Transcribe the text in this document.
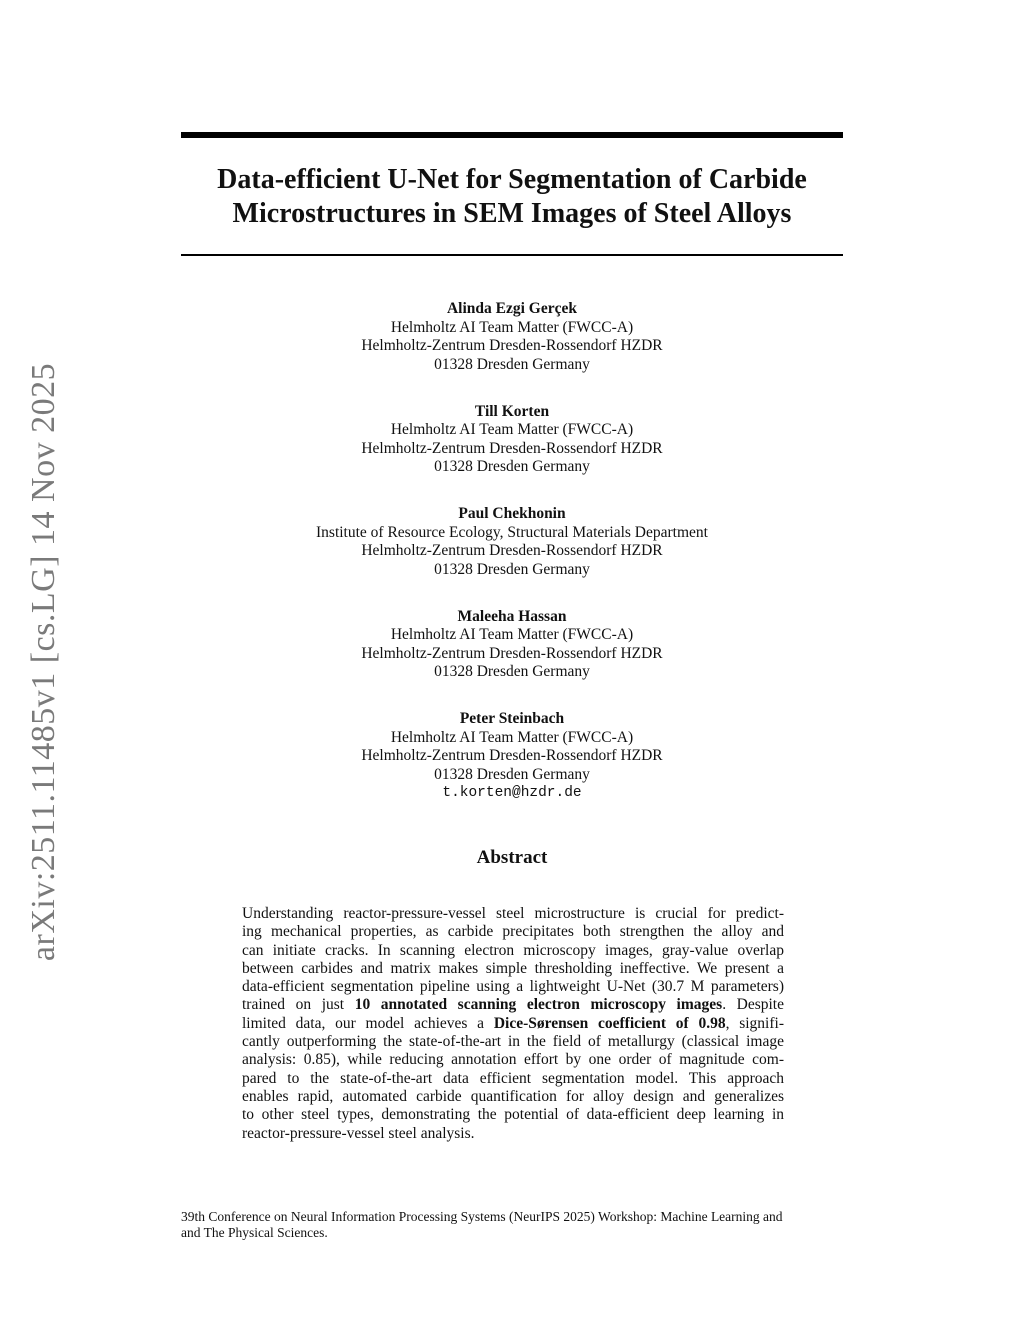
arXiv:2511.11485v1 [cs.LG] 14 Nov 2025
Data-efficient U-Net for Segmentation of Carbide
Microstructures in SEM Images of Steel Alloys
Alinda Ezgi Gerçek
Helmholtz AI Team Matter (FWCC-A)
Helmholtz-Zentrum Dresden-Rossendorf HZDR
01328 Dresden Germany
Till Korten
Helmholtz AI Team Matter (FWCC-A)
Helmholtz-Zentrum Dresden-Rossendorf HZDR
01328 Dresden Germany
Paul Chekhonin
Institute of Resource Ecology, Structural Materials Department
Helmholtz-Zentrum Dresden-Rossendorf HZDR
01328 Dresden Germany
Maleeha Hassan
Helmholtz AI Team Matter (FWCC-A)
Helmholtz-Zentrum Dresden-Rossendorf HZDR
01328 Dresden Germany
Peter Steinbach
Helmholtz AI Team Matter (FWCC-A)
Helmholtz-Zentrum Dresden-Rossendorf HZDR
01328 Dresden Germany
t.korten@hzdr.de
Abstract
Understanding reactor-pressure-vessel steel microstructure is crucial for predict-
ing mechanical properties, as carbide precipitates both strengthen the alloy and
can initiate cracks. In scanning electron microscopy images, gray-value overlap
between carbides and matrix makes simple thresholding ineffective. We present a
data-efficient segmentation pipeline using a lightweight U-Net (30.7 M parameters)
trained on just 10 annotated scanning electron microscopy images. Despite
limited data, our model achieves a Dice-Sørensen coefficient of 0.98, signifi-
cantly outperforming the state-of-the-art in the field of metallurgy (classical image
analysis: 0.85), while reducing annotation effort by one order of magnitude com-
pared to the state-of-the-art data efficient segmentation model. This approach
enables rapid, automated carbide quantification for alloy design and generalizes
to other steel types, demonstrating the potential of data-efficient deep learning in
reactor-pressure-vessel steel analysis.
39th Conference on Neural Information Processing Systems (NeurIPS 2025) Workshop: Machine Learning and
and The Physical Sciences.
